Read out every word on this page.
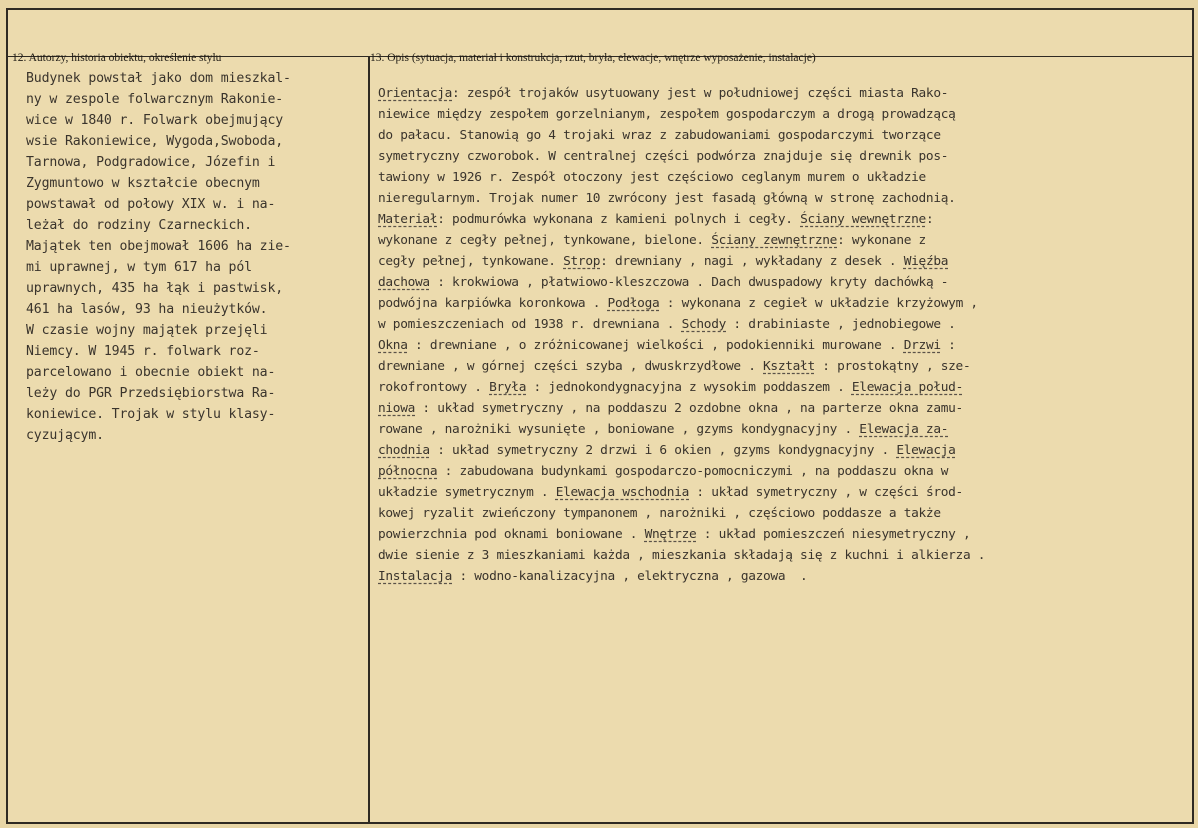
12. Autorzy, historia obiektu, określenie stylu	13. Opis (sytuacja, materiał i konstrukcja, rzut, bryła, elewacje, wnętrze wyposażenie, instalacje)
Budynek powstał jako dom mieszkal-
ny w zespole folwarcznym Rakonie-
wice w 1840 r. Folwark obejmujący
wsie Rakoniewice, Wygoda,Swoboda,
Tarnowa, Podgradowice, Józefin i
Zygmuntowo w kształcie obecnym
powstawał od połowy XIX w. i na-
leżał do rodziny Czarneckich.
Majątek ten obejmował 1606 ha zie-
mi uprawnej, w tym 617 ha pól
uprawnych, 435 ha łąk i pastwisk,
461 ha lasów, 93 ha nieużytków.
W czasie wojny majątek przejęli
Niemcy. W 1945 r. folwark roz-
parcelowano i obecnie obiekt na-
leży do PGR Przedsiębiorstwa Ra-
koniewice. Trojak w stylu klasy-
cyzującym.
Orientacja: zespół trojaków usytuowany jest w południowej części miasta Rako-
niewice między zespołem gorzelnianym, zespołem gospodarczym a drogą prowadzącą
do pałacu. Stanowią go 4 trojaki wraz z zabudowaniami gospodarczymi tworzące
symetryczny czworobok. W centralnej części podwórza znajduje się drewnik pos-
tawiony w 1926 r. Zespół otoczony jest częściowo ceglanym murem o układzie
nieregularnym. Trojak numer 10 zwrócony jest fasadą główną w stronę zachodnią.
Materiał: podmurówka wykonana z kamieni polnych i cegły. Ściany wewnętrzne:
wykonane z cegły pełnej, tynkowane, bielone. Ściany zewnętrzne: wykonane z
cegły pełnej, tynkowane. Strop: drewniany , nagi , wykładany z desek . Więźba
dachowa : krokwiowa , płatwiowo-kleszczowa . Dach dwuspadowy kryty dachówką -
podwójna karpiówka koronkowa . Podłoga : wykonana z cegieł w układzie krzyżowym ,
w pomieszczeniach od 1938 r. drewniana . Schody : drabiniaste , jednobiegowe .
Okna : drewniane , o zróżnicowanej wielkości , podokienniki murowane . Drzwi :
drewniane , w górnej części szyba , dwuskrzydłowe . Kształt : prostokątny , sze-
rokofrontowy . Bryła : jednokondygnacyjna z wysokim poddaszem . Elewacja połud-
niowa : układ symetryczny , na poddaszu 2 ozdobne okna , na parterze okna zamu-
rowane , narożniki wysunięte , boniowane , gzyms kondygnacyjny . Elewacja za-
chodnia : układ symetryczny 2 drzwi i 6 okien , gzyms kondygnacyjny . Elewacja
północna : zabudowana budynkami gospodarczo-pomocniczymi , na poddaszu okna w
układzie symetrycznym . Elewacja wschodnia : układ symetryczny , w części środ-
kowej ryzalit zwieńczony tympanonem , narożniki , częściowo poddasze a także
powierzchnia pod oknami boniowane . Wnętrze : układ pomieszczeń niesymetryczny ,
dwie sienie z 3 mieszkaniami każda , mieszkania składają się z kuchni i alkierza .
Instalacja : wodno-kanalizacyjna , elektryczna , gazowa  .
